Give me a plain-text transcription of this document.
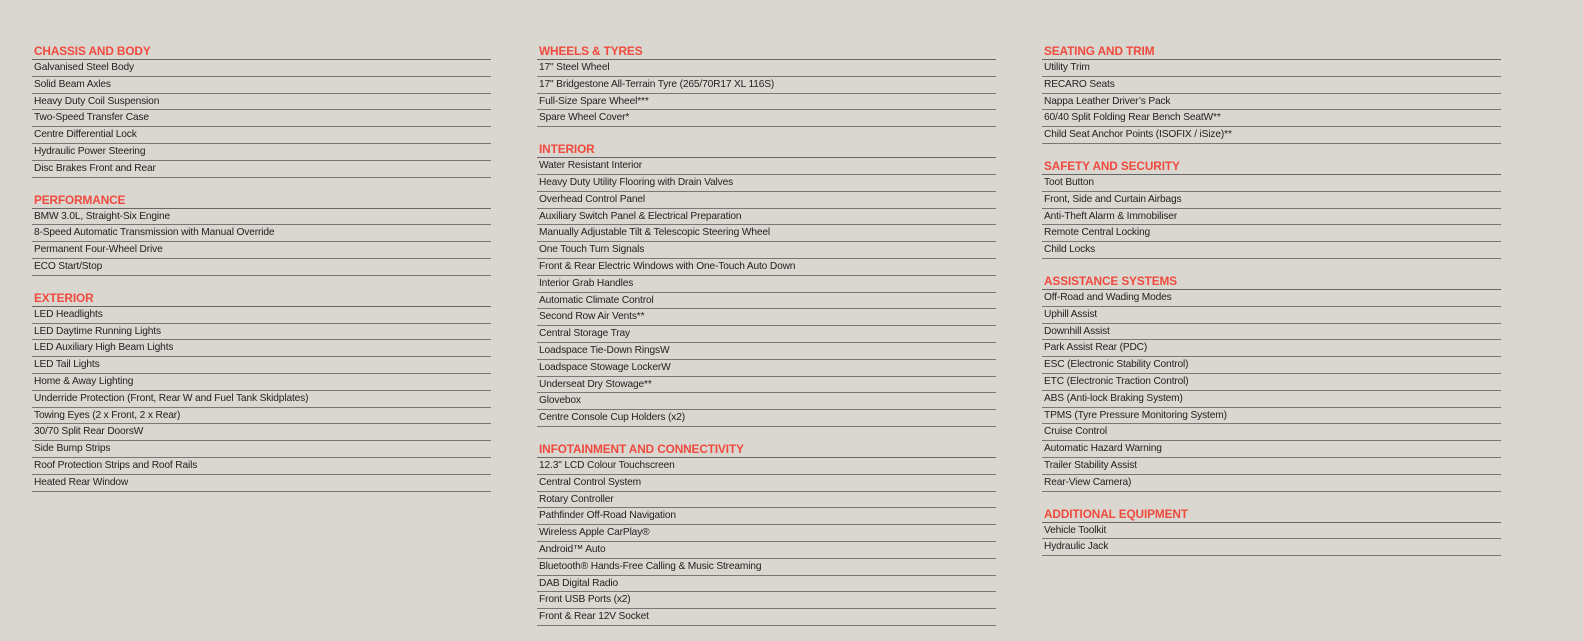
CHASSIS AND BODY
Galvanised Steel Body
Solid Beam Axles
Heavy Duty Coil Suspension
Two-Speed Transfer Case
Centre Differential Lock
Hydraulic Power Steering
Disc Brakes Front and Rear
PERFORMANCE
BMW 3.0L, Straight-Six Engine
8-Speed Automatic Transmission with Manual Override
Permanent Four-Wheel Drive
ECO Start/Stop
EXTERIOR
LED Headlights
LED Daytime Running Lights
LED Auxiliary High Beam Lights
LED Tail Lights
Home & Away Lighting
Underride Protection (Front, Rear W and Fuel Tank Skidplates)
Towing Eyes (2 x Front, 2 x Rear)
30/70 Split Rear DoorsW
Side Bump Strips
Roof Protection Strips and Roof Rails
Heated Rear Window
WHEELS & TYRES
17" Steel Wheel
17" Bridgestone All-Terrain Tyre (265/70R17 XL 116S)
Full-Size Spare Wheel***
Spare Wheel Cover*
INTERIOR
Water Resistant Interior
Heavy Duty Utility Flooring with Drain Valves
Overhead Control Panel
Auxiliary Switch Panel & Electrical Preparation
Manually Adjustable Tilt & Telescopic Steering Wheel
One Touch Turn Signals
Front & Rear Electric Windows with One-Touch Auto Down
Interior Grab Handles
Automatic Climate Control
Second Row Air Vents**
Central Storage Tray
Loadspace Tie-Down RingsW
Loadspace Stowage LockerW
Underseat Dry Stowage**
Glovebox
Centre Console Cup Holders (x2)
INFOTAINMENT AND CONNECTIVITY
12.3" LCD Colour Touchscreen
Central Control System
Rotary Controller
Pathfinder Off-Road Navigation
Wireless Apple CarPlay®
Android™ Auto
Bluetooth® Hands-Free Calling & Music Streaming
DAB Digital Radio
Front USB Ports (x2)
Front & Rear 12V Socket
SEATING AND TRIM
Utility Trim
RECARO Seats
Nappa Leather Driver’s Pack
60/40 Split Folding Rear Bench SeatW**
Child Seat Anchor Points (ISOFIX / iSize)**
SAFETY AND SECURITY
Toot Button
Front, Side and Curtain Airbags
Anti-Theft Alarm & Immobiliser
Remote Central Locking
Child Locks
ASSISTANCE SYSTEMS
Off-Road and Wading Modes
Uphill Assist
Downhill Assist
Park Assist Rear (PDC)
ESC (Electronic Stability Control)
ETC (Electronic Traction Control)
ABS (Anti-lock Braking System)
TPMS (Tyre Pressure Monitoring System)
Cruise Control
Automatic Hazard Warning
Trailer Stability Assist
Rear-View Camera)
ADDITIONAL EQUIPMENT
Vehicle Toolkit
Hydraulic Jack
